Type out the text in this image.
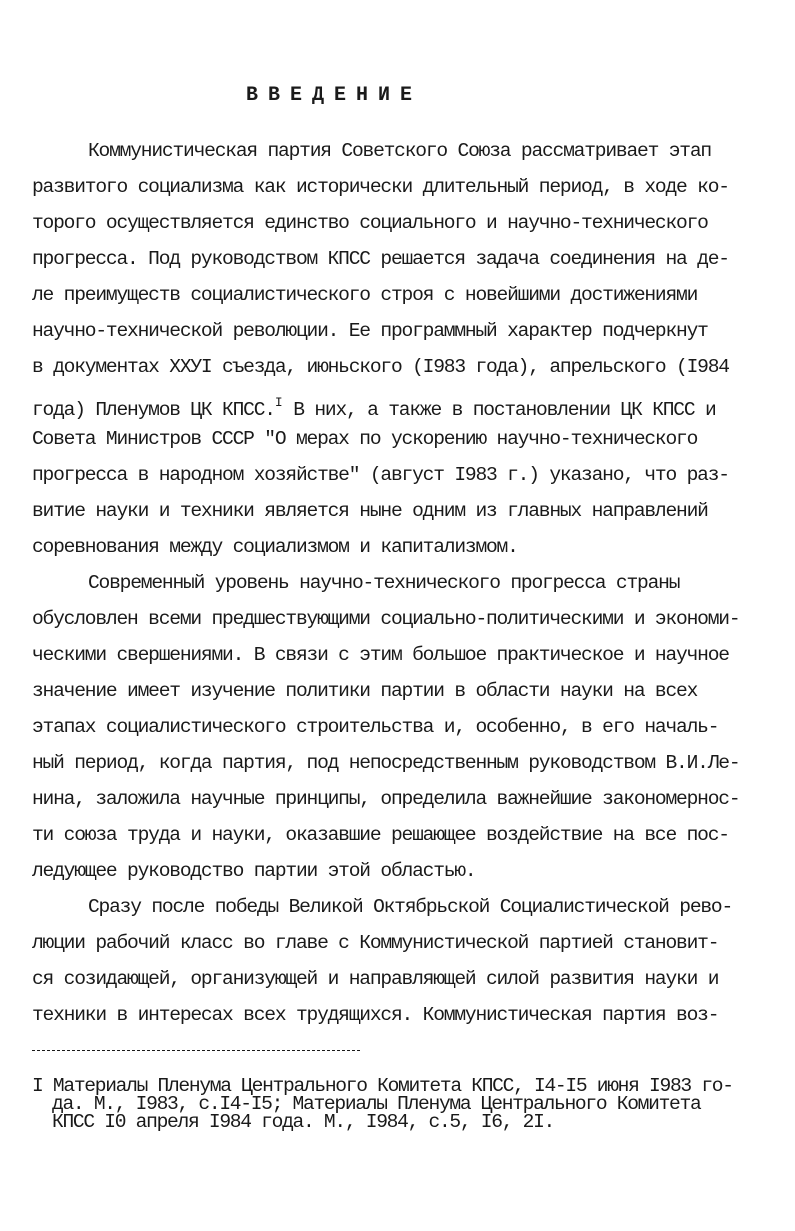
ВВЕДЕНИЕ
Коммунистическая партия Советского Союза рассматривает этап
развитого социализма как исторически длительный период, в ходе ко-
торого осуществляется единство социального и научно-технического
прогресса. Под руководством КПСС решается задача соединения на де-
ле преимуществ социалистического строя с новейшими достижениями
научно-технической революции. Ее программный характер подчеркнут
в документах ХХУI съезда, июньского (I983 года), апрельского (I984
года) Пленумов ЦК КПСС.$^I$ В них, а также в постановлении ЦК КПСС и
Совета Министров СССР "О мерах по ускорению научно-технического
прогресса в народном хозяйстве" (август I983 г.) указано, что раз-
витие науки и техники является ныне одним из главных направлений
соревнования между социализмом и капитализмом.
Современный уровень научно-технического прогресса страны
обусловлен всеми предшествующими социально-политическими и экономи-
ческими свершениями. В связи с этим большое практическое и научное
значение имеет изучение политики партии в области науки на всех
этапах социалистического строительства и, особенно, в его началь-
ный период, когда партия, под непосредственным руководством В.И.Ле-
нина, заложила научные принципы, определила важнейшие закономернос-
ти союза труда и науки, оказавшие решающее воздействие на все пос-
ледующее руководство партии этой областью.
Сразу после победы Великой Октябрьской Социалистической рево-
люции рабочий класс во главе с Коммунистической партией становит-
ся созидающей, организующей и направляющей силой развития науки и
техники в интересах всех трудящихся. Коммунистическая партия воз-
I Материалы Пленума Центрального Комитета КПСС, I4-I5 июня I983 го-
да. М., I983, с.I4-I5; Материалы Пленума Центрального Комитета
КПСС I0 апреля I984 года. М., I984, с.5, I6, 2I.
